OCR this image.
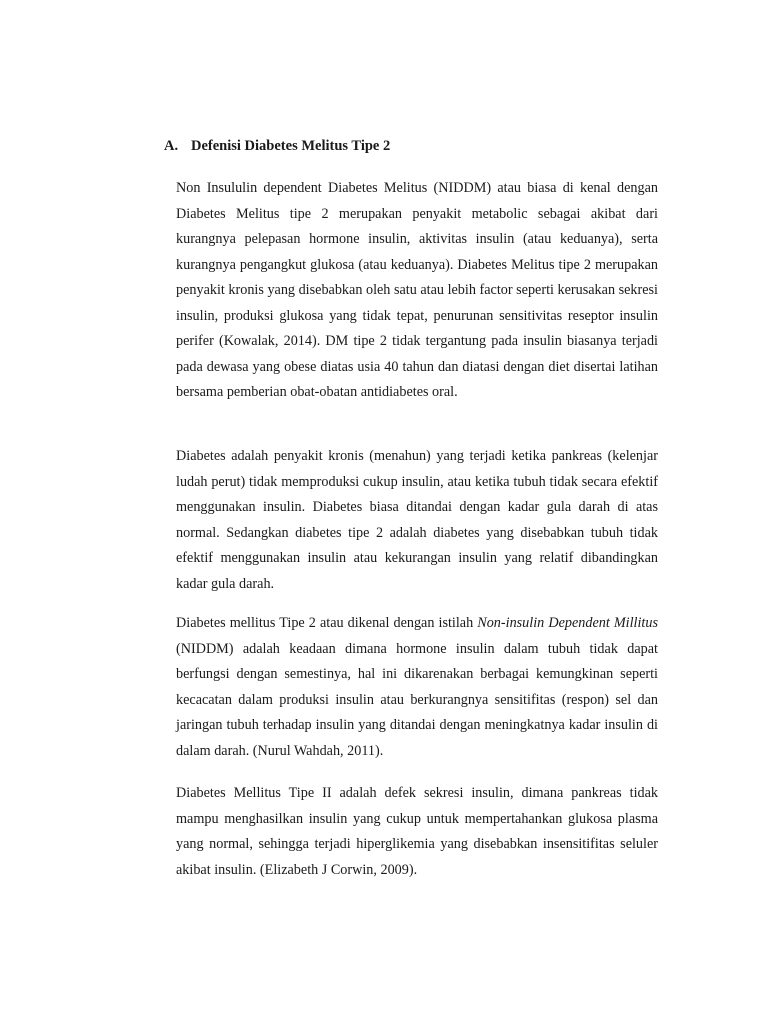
A. Defenisi Diabetes Melitus Tipe 2

Non Insululin dependent Diabetes Melitus (NIDDM) atau biasa di kenal dengan Diabetes Melitus tipe 2 merupakan penyakit metabolic sebagai akibat dari kurangnya pelepasan hormone insulin, aktivitas insulin (atau keduanya), serta kurangnya pengangkut glukosa (atau keduanya). Diabetes Melitus tipe 2 merupakan penyakit kronis yang disebabkan oleh satu atau lebih factor seperti kerusakan sekresi insulin, produksi glukosa yang tidak tepat, penurunan sensitivitas reseptor insulin perifer (Kowalak, 2014). DM tipe 2 tidak tergantung pada insulin biasanya terjadi pada dewasa yang obese diatas usia 40 tahun dan diatasi dengan diet disertai latihan bersama pemberian obat-obatan antidiabetes oral.

Diabetes adalah penyakit kronis (menahun) yang terjadi ketika pankreas (kelenjar ludah perut) tidak memproduksi cukup insulin, atau ketika tubuh tidak secara efektif menggunakan insulin. Diabetes biasa ditandai dengan kadar gula darah di atas normal. Sedangkan diabetes tipe 2 adalah diabetes yang disebabkan tubuh tidak efektif menggunakan insulin atau kekurangan insulin yang relatif dibandingkan kadar gula darah.

Diabetes mellitus Tipe 2 atau dikenal dengan istilah Non-insulin Dependent Millitus (NIDDM) adalah keadaan dimana hormone insulin dalam tubuh tidak dapat berfungsi dengan semestinya, hal ini dikarenakan berbagai kemungkinan seperti kecacatan dalam produksi insulin atau berkurangnya sensitifitas (respon) sel dan jaringan tubuh terhadap insulin yang ditandai dengan meningkatnya kadar insulin di dalam darah. (Nurul Wahdah, 2011).

Diabetes Mellitus Tipe II adalah defek sekresi insulin, dimana pankreas tidak mampu menghasilkan insulin yang cukup untuk mempertahankan glukosa plasma yang normal, sehingga terjadi hiperglikemia yang disebabkan insensitifitas seluler akibat insulin. (Elizabeth J Corwin, 2009).
